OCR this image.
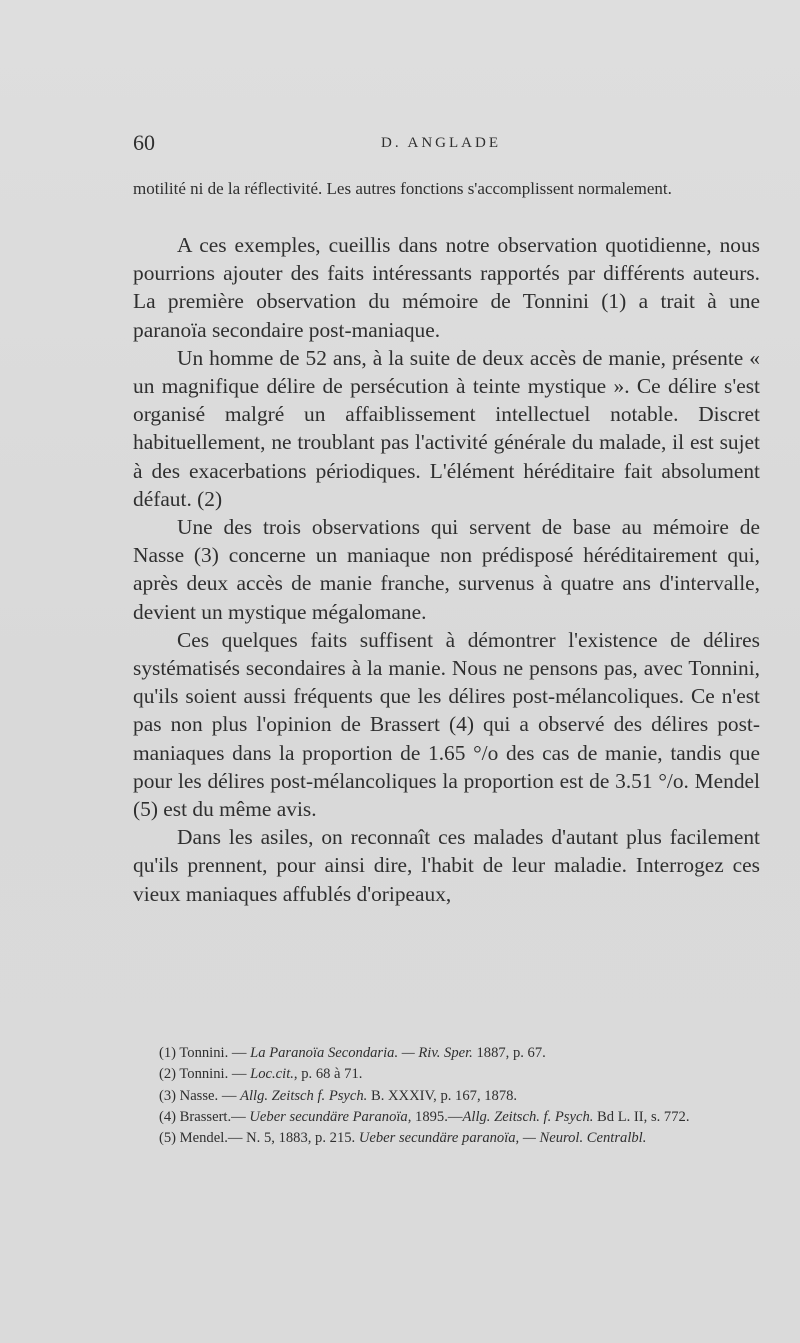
60	D. ANGLADE
motilité ni de la réflectivité. Les autres fonctions s'accomplissent normalement.

A ces exemples, cueillis dans notre observation quotidienne, nous pourrions ajouter des faits intéressants rapportés par différents auteurs. La première observation du mémoire de Tonnini (1) a trait à une paranoïa secondaire post-maniaque.

Un homme de 52 ans, à la suite de deux accès de manie, présente « un magnifique délire de persécution à teinte mystique ». Ce délire s'est organisé malgré un affaiblissement intellectuel notable. Discret habituellement, ne troublant pas l'activité générale du malade, il est sujet à des exacerbations périodiques. L'élément héréditaire fait absolument défaut. (2)

Une des trois observations qui servent de base au mémoire de Nasse (3) concerne un maniaque non prédisposé héréditairement qui, après deux accès de manie franche, survenus à quatre ans d'intervalle, devient un mystique mégalomane.

Ces quelques faits suffisent à démontrer l'existence de délires systématisés secondaires à la manie. Nous ne pensons pas, avec Tonnini, qu'ils soient aussi fréquents que les délires post-mélancoliques. Ce n'est pas non plus l'opinion de Brassert (4) qui a observé des délires post-maniaques dans la proportion de 1.65 °/o des cas de manie, tandis que pour les délires post-mélancoliques la proportion est de 3.51 °/o. Mendel (5) est du même avis.

Dans les asiles, on reconnaît ces malades d'autant plus facilement qu'ils prennent, pour ainsi dire, l'habit de leur maladie. Interrogez ces vieux maniaques affublés d'oripeaux,

(1) Tonnini. — La Paranoïa Secondaria. — Riv. Sper. 1887, p. 67.
(2) Tonnini. — Loc.cit., p. 68 à 71.
(3) Nasse. — Allg. Zeitsch f. Psych. B. XXXIV, p. 167, 1878.
(4) Brassert.— Ueber secundäre Paranoïa, 1895.—Allg. Zeitsch. f. Psych. Bd L. II, s. 772.
(5) Mendel.— N. 5, 1883, p. 215. Ueber secundäre paranoïa, — Neurol. Centralbl.
